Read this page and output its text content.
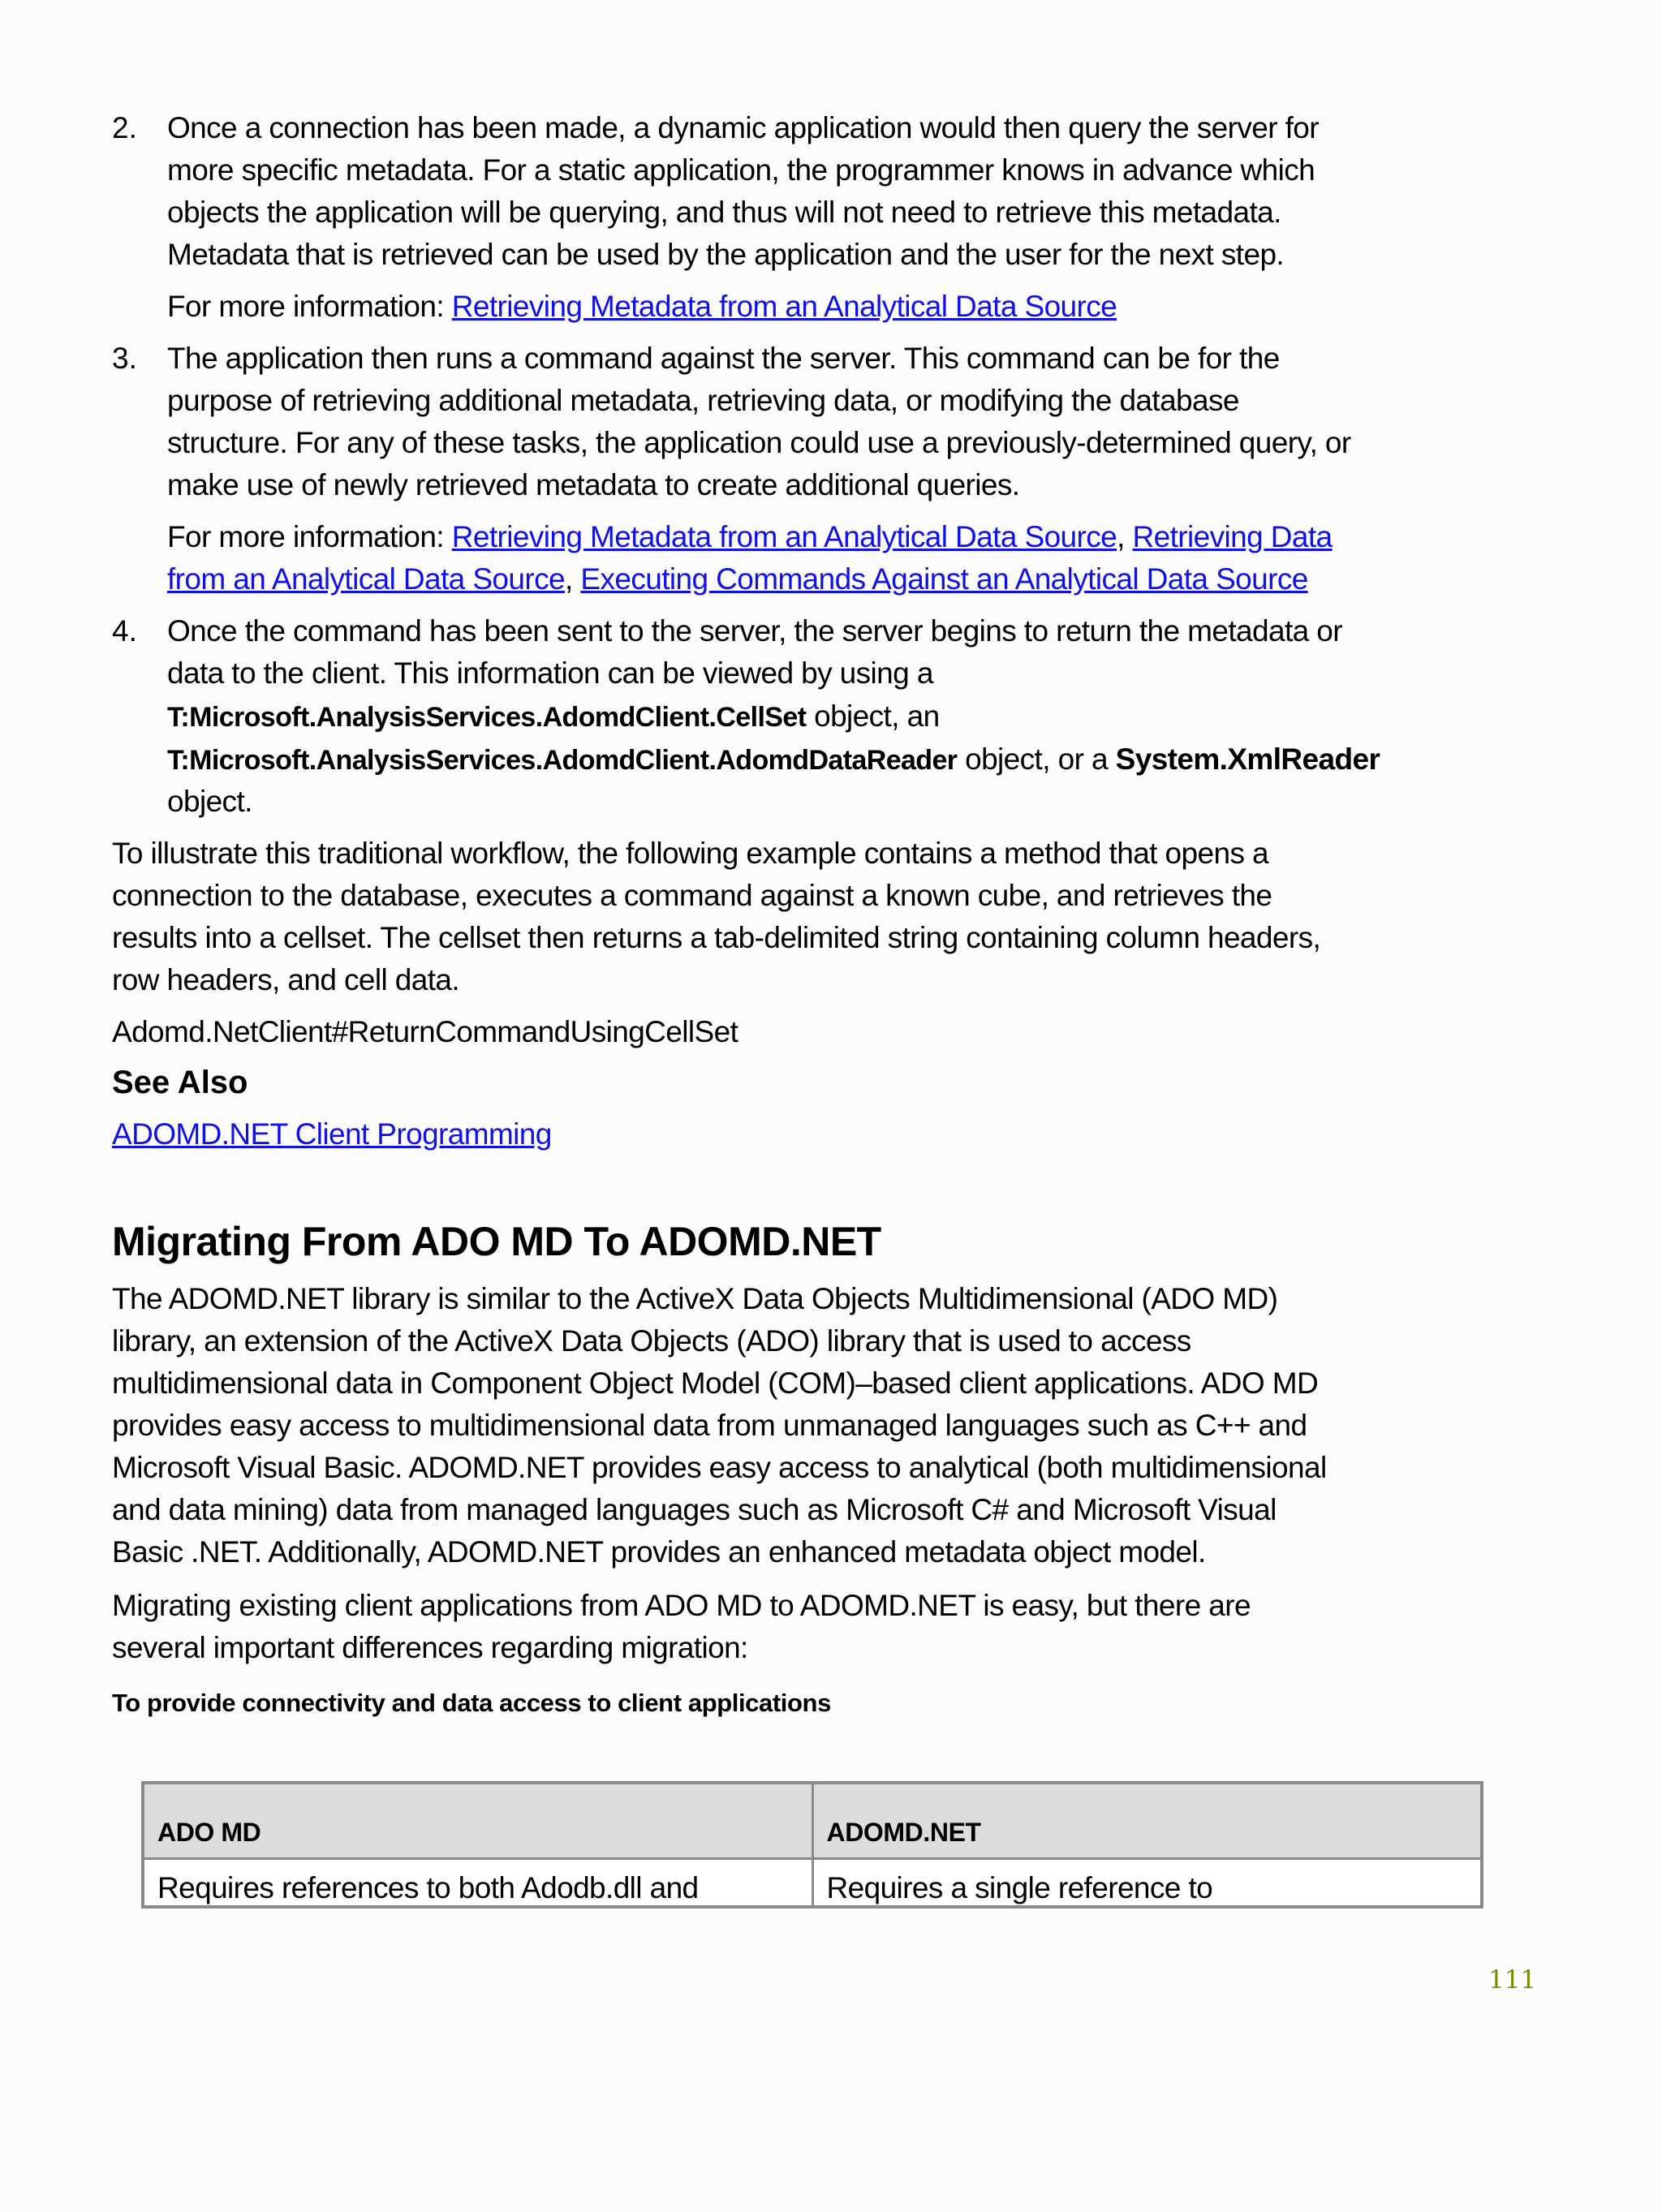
2. Once a connection has been made, a dynamic application would then query the server for
more specific metadata. For a static application, the programmer knows in advance which
objects the application will be querying, and thus will not need to retrieve this metadata.
Metadata that is retrieved can be used by the application and the user for the next step.
For more information: Retrieving Metadata from an Analytical Data Source
3. The application then runs a command against the server. This command can be for the
purpose of retrieving additional metadata, retrieving data, or modifying the database
structure. For any of these tasks, the application could use a previously-determined query, or
make use of newly retrieved metadata to create additional queries.
For more information: Retrieving Metadata from an Analytical Data Source, Retrieving Data
from an Analytical Data Source, Executing Commands Against an Analytical Data Source
4. Once the command has been sent to the server, the server begins to return the metadata or
data to the client. This information can be viewed by using a
T:Microsoft.AnalysisServices.AdomdClient.CellSet object, an
T:Microsoft.AnalysisServices.AdomdClient.AdomdDataReader object, or a System.XmlReader
object.
To illustrate this traditional workflow, the following example contains a method that opens a
connection to the database, executes a command against a known cube, and retrieves the
results into a cellset. The cellset then returns a tab-delimited string containing column headers,
row headers, and cell data.
Adomd.NetClient#ReturnCommandUsingCellSet
See Also
ADOMD.NET Client Programming
Migrating From ADO MD To ADOMD.NET
The ADOMD.NET library is similar to the ActiveX Data Objects Multidimensional (ADO MD)
library, an extension of the ActiveX Data Objects (ADO) library that is used to access
multidimensional data in Component Object Model (COM)–based client applications. ADO MD
provides easy access to multidimensional data from unmanaged languages such as C++ and
Microsoft Visual Basic. ADOMD.NET provides easy access to analytical (both multidimensional
and data mining) data from managed languages such as Microsoft C# and Microsoft Visual
Basic .NET. Additionally, ADOMD.NET provides an enhanced metadata object model.
Migrating existing client applications from ADO MD to ADOMD.NET is easy, but there are
several important differences regarding migration:
To provide connectivity and data access to client applications
ADO MD	ADOMD.NET
Requires references to both Adodb.dll and	Requires a single reference to
111
